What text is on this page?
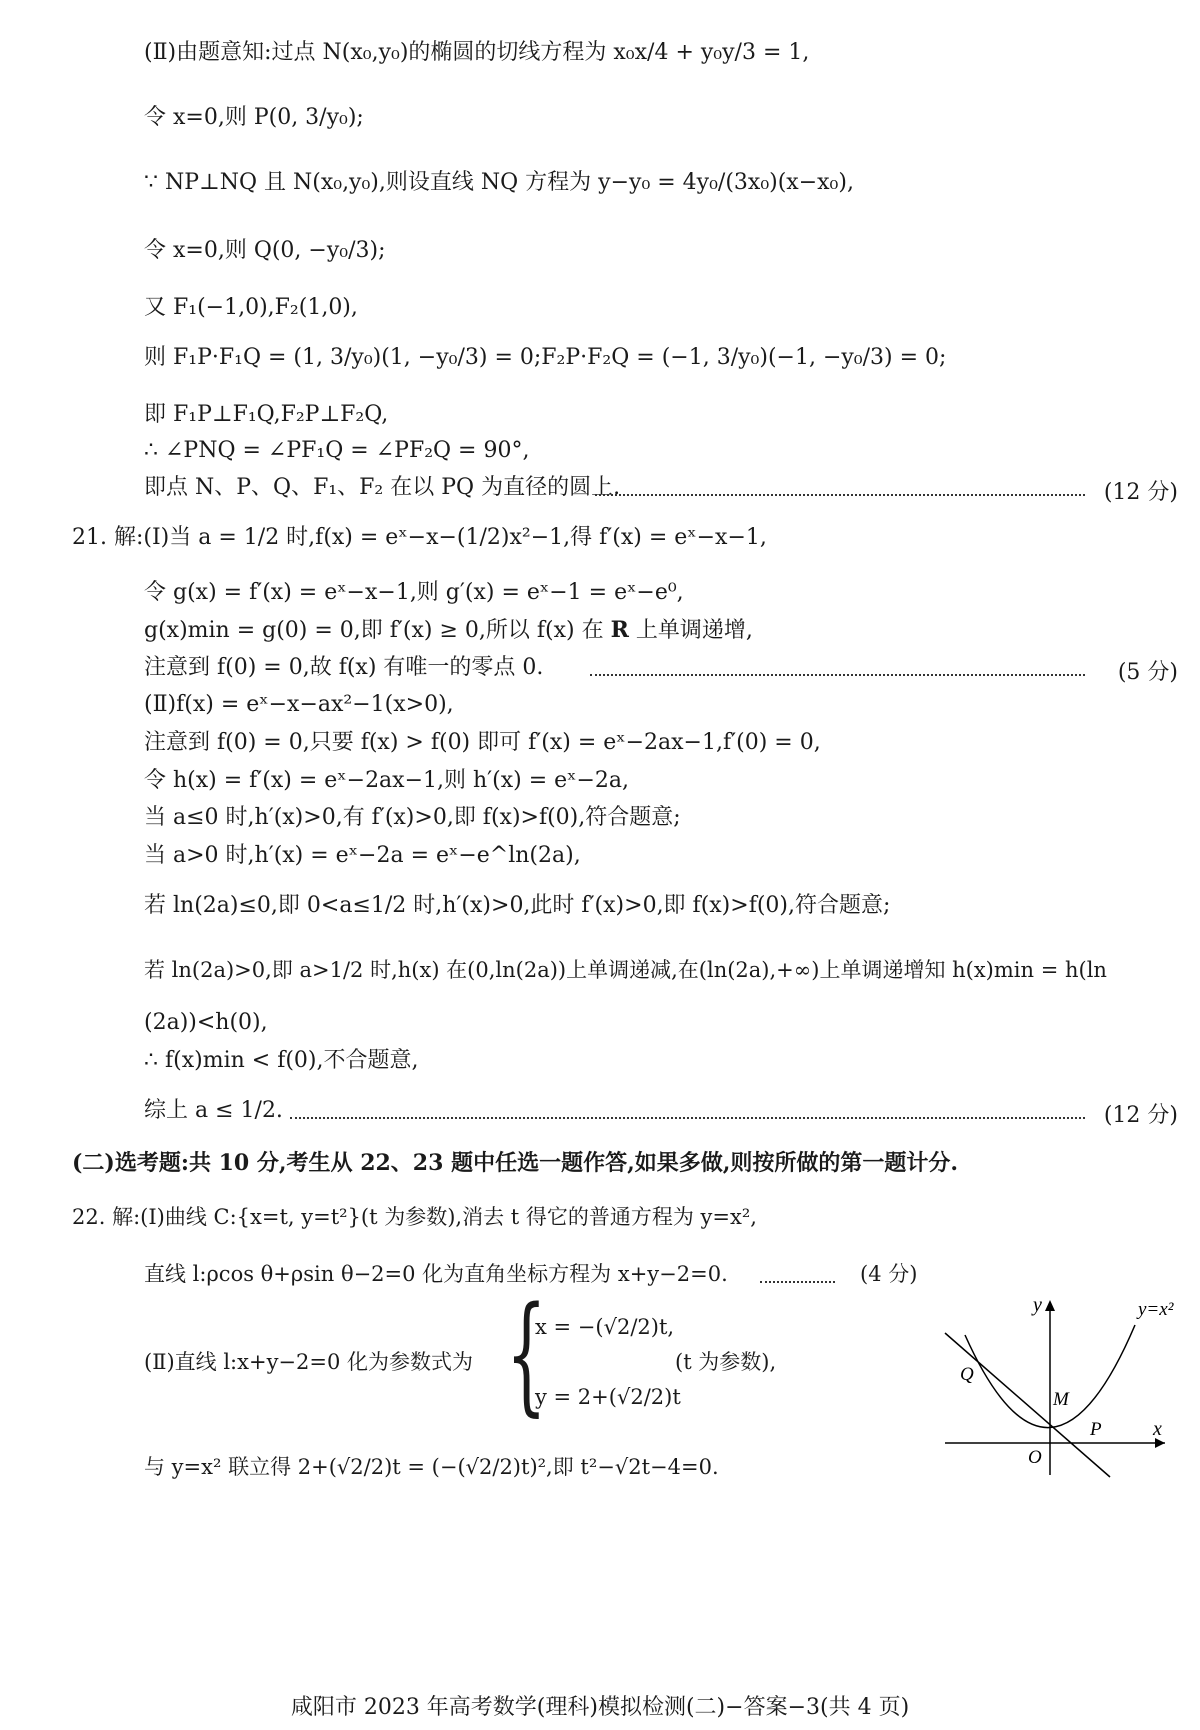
(Ⅱ)由题意知:过点 N(x₀,y₀)的椭圆的切线方程为 x₀x/4 + y₀y/3 = 1,
令 x=0,则 P(0, 3/y₀);
∵ NP⊥NQ 且 N(x₀,y₀),则设直线 NQ 方程为 y−y₀ = 4y₀/(3x₀)(x−x₀),
令 x=0,则 Q(0, −y₀/3);
又 F₁(−1,0),F₂(1,0),
则 F₁P·F₁Q = (1, 3/y₀)(1, −y₀/3) = 0;F₂P·F₂Q = (−1, 3/y₀)(−1, −y₀/3) = 0;
即 F₁P⊥F₁Q,F₂P⊥F₂Q,
∴ ∠PNQ = ∠PF₁Q = ∠PF₂Q = 90°,
即点 N、P、Q、F₁、F₂ 在以 PQ 为直径的圆上.	(12 分)
21. 解:(Ⅰ)当 a = 1/2 时,f(x) = eˣ−x−(1/2)x²−1,得 f′(x) = eˣ−x−1,
令 g(x) = f′(x) = eˣ−x−1,则 g′(x) = eˣ−1 = eˣ−e⁰,
g(x)min = g(0) = 0,即 f′(x) ≥ 0,所以 f(x) 在 R 上单调递增,
注意到 f(0) = 0,故 f(x) 有唯一的零点 0.	(5 分)
(Ⅱ)f(x) = eˣ−x−ax²−1(x>0),
注意到 f(0) = 0,只要 f(x) > f(0) 即可 f′(x) = eˣ−2ax−1,f′(0) = 0,
令 h(x) = f′(x) = eˣ−2ax−1,则 h′(x) = eˣ−2a,
当 a≤0 时,h′(x)>0,有 f′(x)>0,即 f(x)>f(0),符合题意;
当 a>0 时,h′(x) = eˣ−2a = eˣ−e^ln(2a),
若 ln(2a)≤0,即 0<a≤1/2 时,h′(x)>0,此时 f′(x)>0,即 f(x)>f(0),符合题意;
若 ln(2a)>0,即 a>1/2 时,h(x) 在(0,ln(2a))上单调递减,在(ln(2a),+∞)上单调递增知 h(x)min = h(ln
(2a))<h(0),
∴ f(x)min < f(0),不合题意,
综上 a ≤ 1/2.	(12 分)
(二)选考题:共 10 分,考生从 22、23 题中任选一题作答,如果多做,则按所做的第一题计分.
22. 解:(Ⅰ)曲线 C:{x=t, y=t²}(t 为参数),消去 t 得它的普通方程为 y=x²,
直线 l:ρcos θ+ρsin θ−2=0 化为直角坐标方程为 x+y−2=0.	(4 分)
(Ⅱ)直线 l:x+y−2=0 化为参数式为 {
x = −(√2/2)t,
y = 2+(√2/2)t
(t 为参数),
与 y=x² 联立得 2+(√2/2)t = (−(√2/2)t)²,即 t²−√2t−4=0.
y
x
y=x²
Q
M
P
O
咸阳市 2023 年高考数学(理科)模拟检测(二)−答案−3(共 4 页)
